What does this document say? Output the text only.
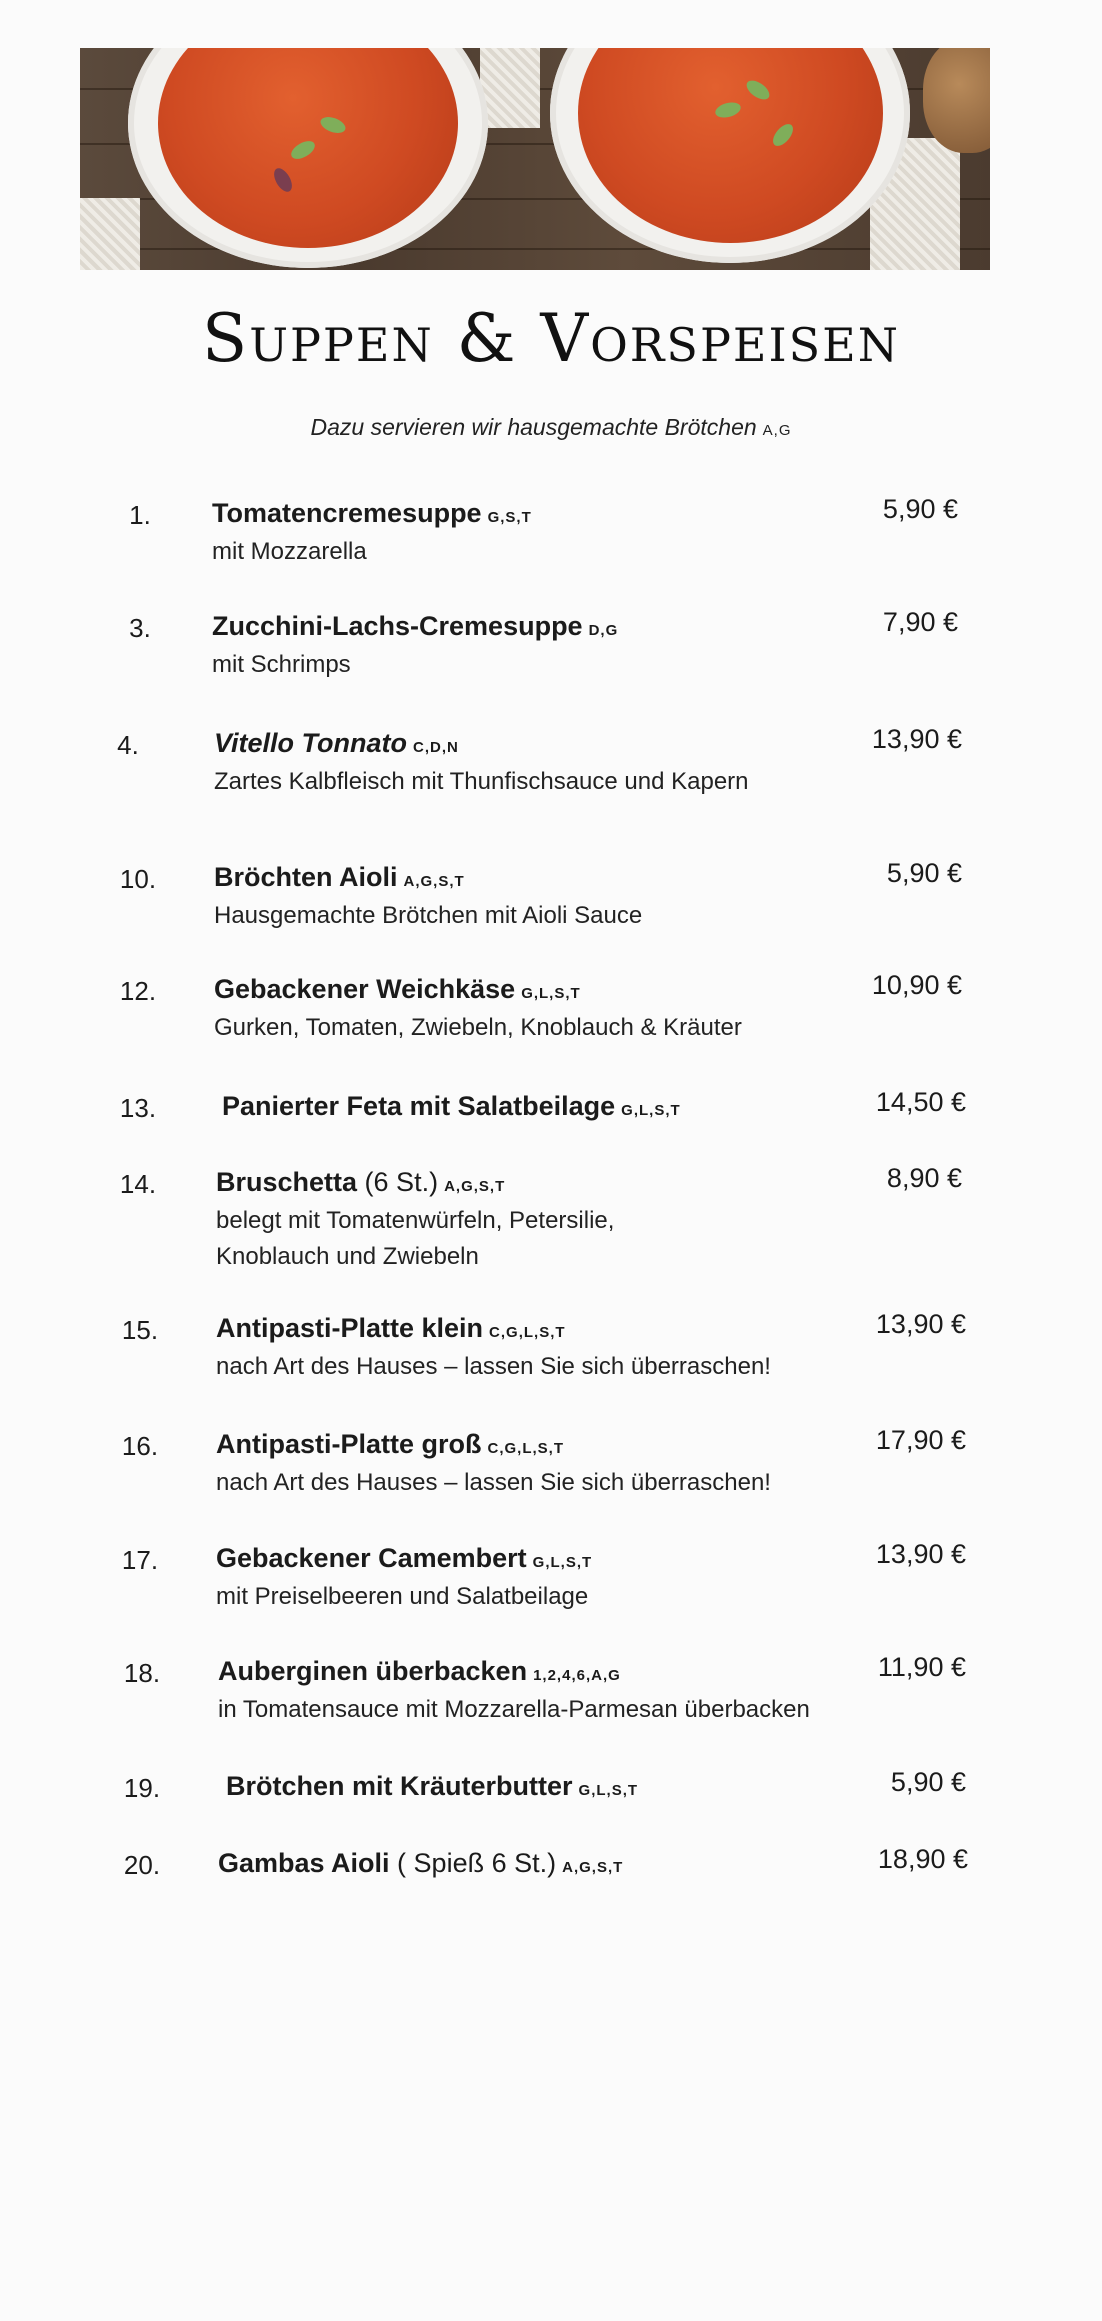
Suppen & Vorspeisen
Dazu servieren wir hausgemachte Brötchen A,G
1.	Tomatencremesuppe G,S,T
mit Mozzarella
5,90 €
3.	Zucchini-Lachs-Cremesuppe D,G
mit Schrimps
7,90 €
4.	Vitello Tonnato C,D,N
Zartes Kalbfleisch mit Thunfischsauce und Kapern
13,90 €
10.	Bröchten Aioli A,G,S,T
Hausgemachte Brötchen mit Aioli Sauce
5,90 €
12.	Gebackener Weichkäse G,L,S,T
Gurken, Tomaten, Zwiebeln, Knoblauch & Kräuter
10,90 €
13.	Panierter Feta mit Salatbeilage G,L,S,T	14,50 €
14.	Bruschetta (6 St.) A,G,S,T
belegt mit Tomatenwürfeln, Petersilie,
Knoblauch und Zwiebeln
8,90 €
15.	Antipasti-Platte klein C,G,L,S,T
nach Art des Hauses – lassen Sie sich überraschen!
13,90 €
16.	Antipasti-Platte groß C,G,L,S,T
nach Art des Hauses – lassen Sie sich überraschen!
17,90 €
17.	Gebackener Camembert G,L,S,T
mit Preiselbeeren und Salatbeilage
13,90 €
18.	Auberginen überbacken 1,2,4,6,A,G
in Tomatensauce mit Mozzarella-Parmesan überbacken
11,90 €
19.	Brötchen mit Kräuterbutter G,L,S,T	5,90 €
20.	Gambas Aioli ( Spieß 6 St.) A,G,S,T	18,90 €
